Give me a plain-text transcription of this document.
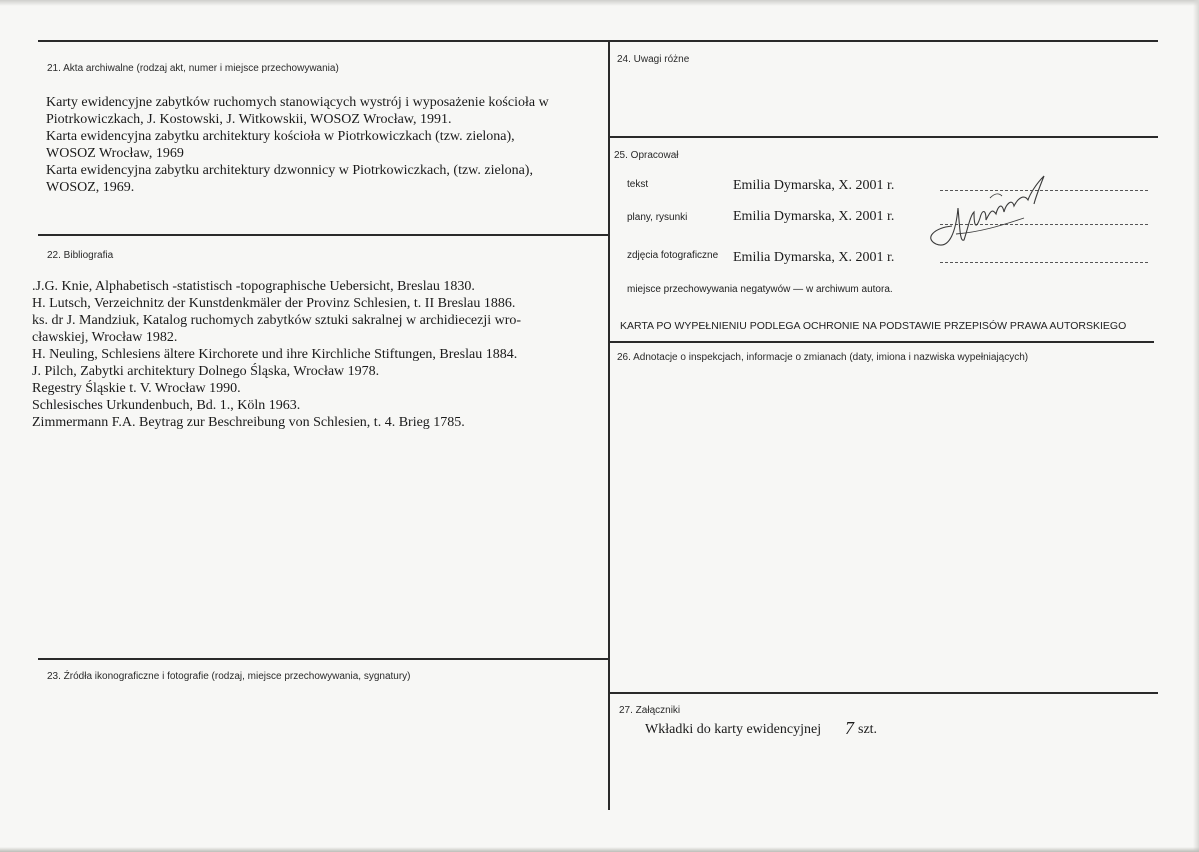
21. Akta archiwalne (rodzaj akt, numer i miejsce przechowywania)
Karty ewidencyjne zabytków ruchomych stanowiących wystrój i wyposażenie kościoła w
Piotrkowiczkach, J. Kostowski, J. Witkowskii, WOSOZ Wrocław, 1991.
Karta ewidencyjna zabytku architektury kościoła w Piotrkowiczkach (tzw. zielona),
WOSOZ Wrocław, 1969
Karta ewidencyjna zabytku architektury dzwonnicy w Piotrkowiczkach, (tzw. zielona),
WOSOZ, 1969.
22. Bibliografia
.J.G. Knie, Alphabetisch -statistisch -topographische Uebersicht, Breslau 1830.
H. Lutsch, Verzeichnitz der Kunstdenkmäler der Provinz Schlesien, t. II Breslau 1886.
ks. dr J. Mandziuk, Katalog ruchomych zabytków sztuki sakralnej w archidiecezji wro-
cławskiej, Wrocław 1982.
H. Neuling, Schlesiens ältere Kirchorete und ihre Kirchliche Stiftungen, Breslau 1884.
J. Pilch, Zabytki architektury Dolnego Śląska, Wrocław 1978.
Regestry Śląskie t. V. Wrocław 1990.
Schlesisches Urkundenbuch, Bd. 1., Köln 1963.
Zimmermann F.A. Beytrag zur Beschreibung von Schlesien, t. 4. Brieg 1785.
23. Źródła ikonograficzne i fotografie (rodzaj, miejsce przechowywania, sygnatury)
24. Uwagi różne
25. Opracował
tekst	Emilia Dymarska, X. 2001 r.
plany, rysunki	Emilia Dymarska, X. 2001 r.
zdjęcia fotograficzne Emilia Dymarska, X. 2001 r.
miejsce przechowywania negatywów — w archiwum autora.
KARTA PO WYPEŁNIENIU PODLEGA OCHRONIE NA PODSTAWIE PRZEPISÓW PRAWA AUTORSKIEGO
26. Adnotacje o inspekcjach, informacje o zmianach (daty, imiona i nazwiska wypełniających)
27. Załączniki
Wkładki do karty ewidencyjnej 7 szt.
